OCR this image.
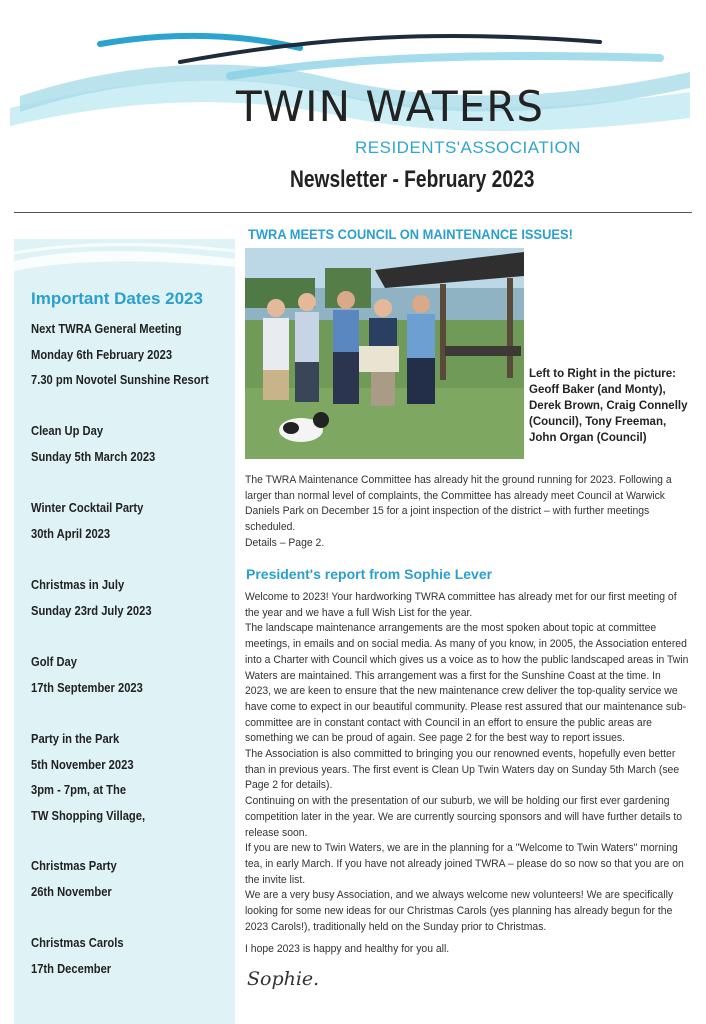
TWIN WATERS
RESIDENTS'ASSOCIATION
Newsletter - February 2023
Important Dates 2023
Next TWRA General Meeting
Monday 6th February 2023
7.30 pm Novotel Sunshine Resort
Clean Up Day
Sunday 5th March 2023
Winter Cocktail Party
30th April 2023
Christmas in July
Sunday 23rd July 2023
Golf Day
17th September 2023
Party in the Park
5th November 2023
3pm - 7pm, at The
TW Shopping Village,
Christmas Party
26th November
Christmas Carols
17th December
TWRA MEETS COUNCIL ON MAINTENANCE ISSUES!
Left to Right in the picture:
Geoff Baker (and Monty),
Derek Brown, Craig Connelly
(Council), Tony Freeman,
John Organ (Council)

The TWRA Maintenance Committee has already hit the ground running for 2023. Following a larger than normal level of complaints, the Committee has already meet Council at Warwick Daniels Park on December 15 for a joint inspection of the district – with further meetings scheduled.

Details – Page 2.

President's report from Sophie Lever

Welcome to 2023! Your hardworking TWRA committee has already met for our first meeting of the year and we have a full Wish List for the year.

The landscape maintenance arrangements are the most spoken about topic at committee meetings, in emails and on social media. As many of you know, in 2005, the Association entered into a Charter with Council which gives us a voice as to how the public landscaped areas in Twin Waters are maintained. This arrangement was a first for the Sunshine Coast at the time. In 2023, we are keen to ensure that the new maintenance crew deliver the top-quality service we have come to expect in our beautiful community. Please rest assured that our maintenance sub-committee are in constant contact with Council in an effort to ensure the public areas are something we can be proud of again. See page 2 for the best way to report issues.

The Association is also committed to bringing you our renowned events, hopefully even better than in previous years. The first event is Clean Up Twin Waters day on Sunday 5th March (see Page 2 for details).

Continuing on with the presentation of our suburb, we will be holding our first ever gardening competition later in the year. We are currently sourcing sponsors and will have further details to release soon.

If you are new to Twin Waters, we are in the planning for a "Welcome to Twin Waters" morning tea, in early March. If you have not already joined TWRA – please do so now so that you are on the invite list.

We are a very busy Association, and we always welcome new volunteers! We are specifically looking for some new ideas for our Christmas Carols (yes planning has already begun for the 2023 Carols!), traditionally held on the Sunday prior to Christmas.

I hope 2023 is happy and healthy for you all.

Sophie.
